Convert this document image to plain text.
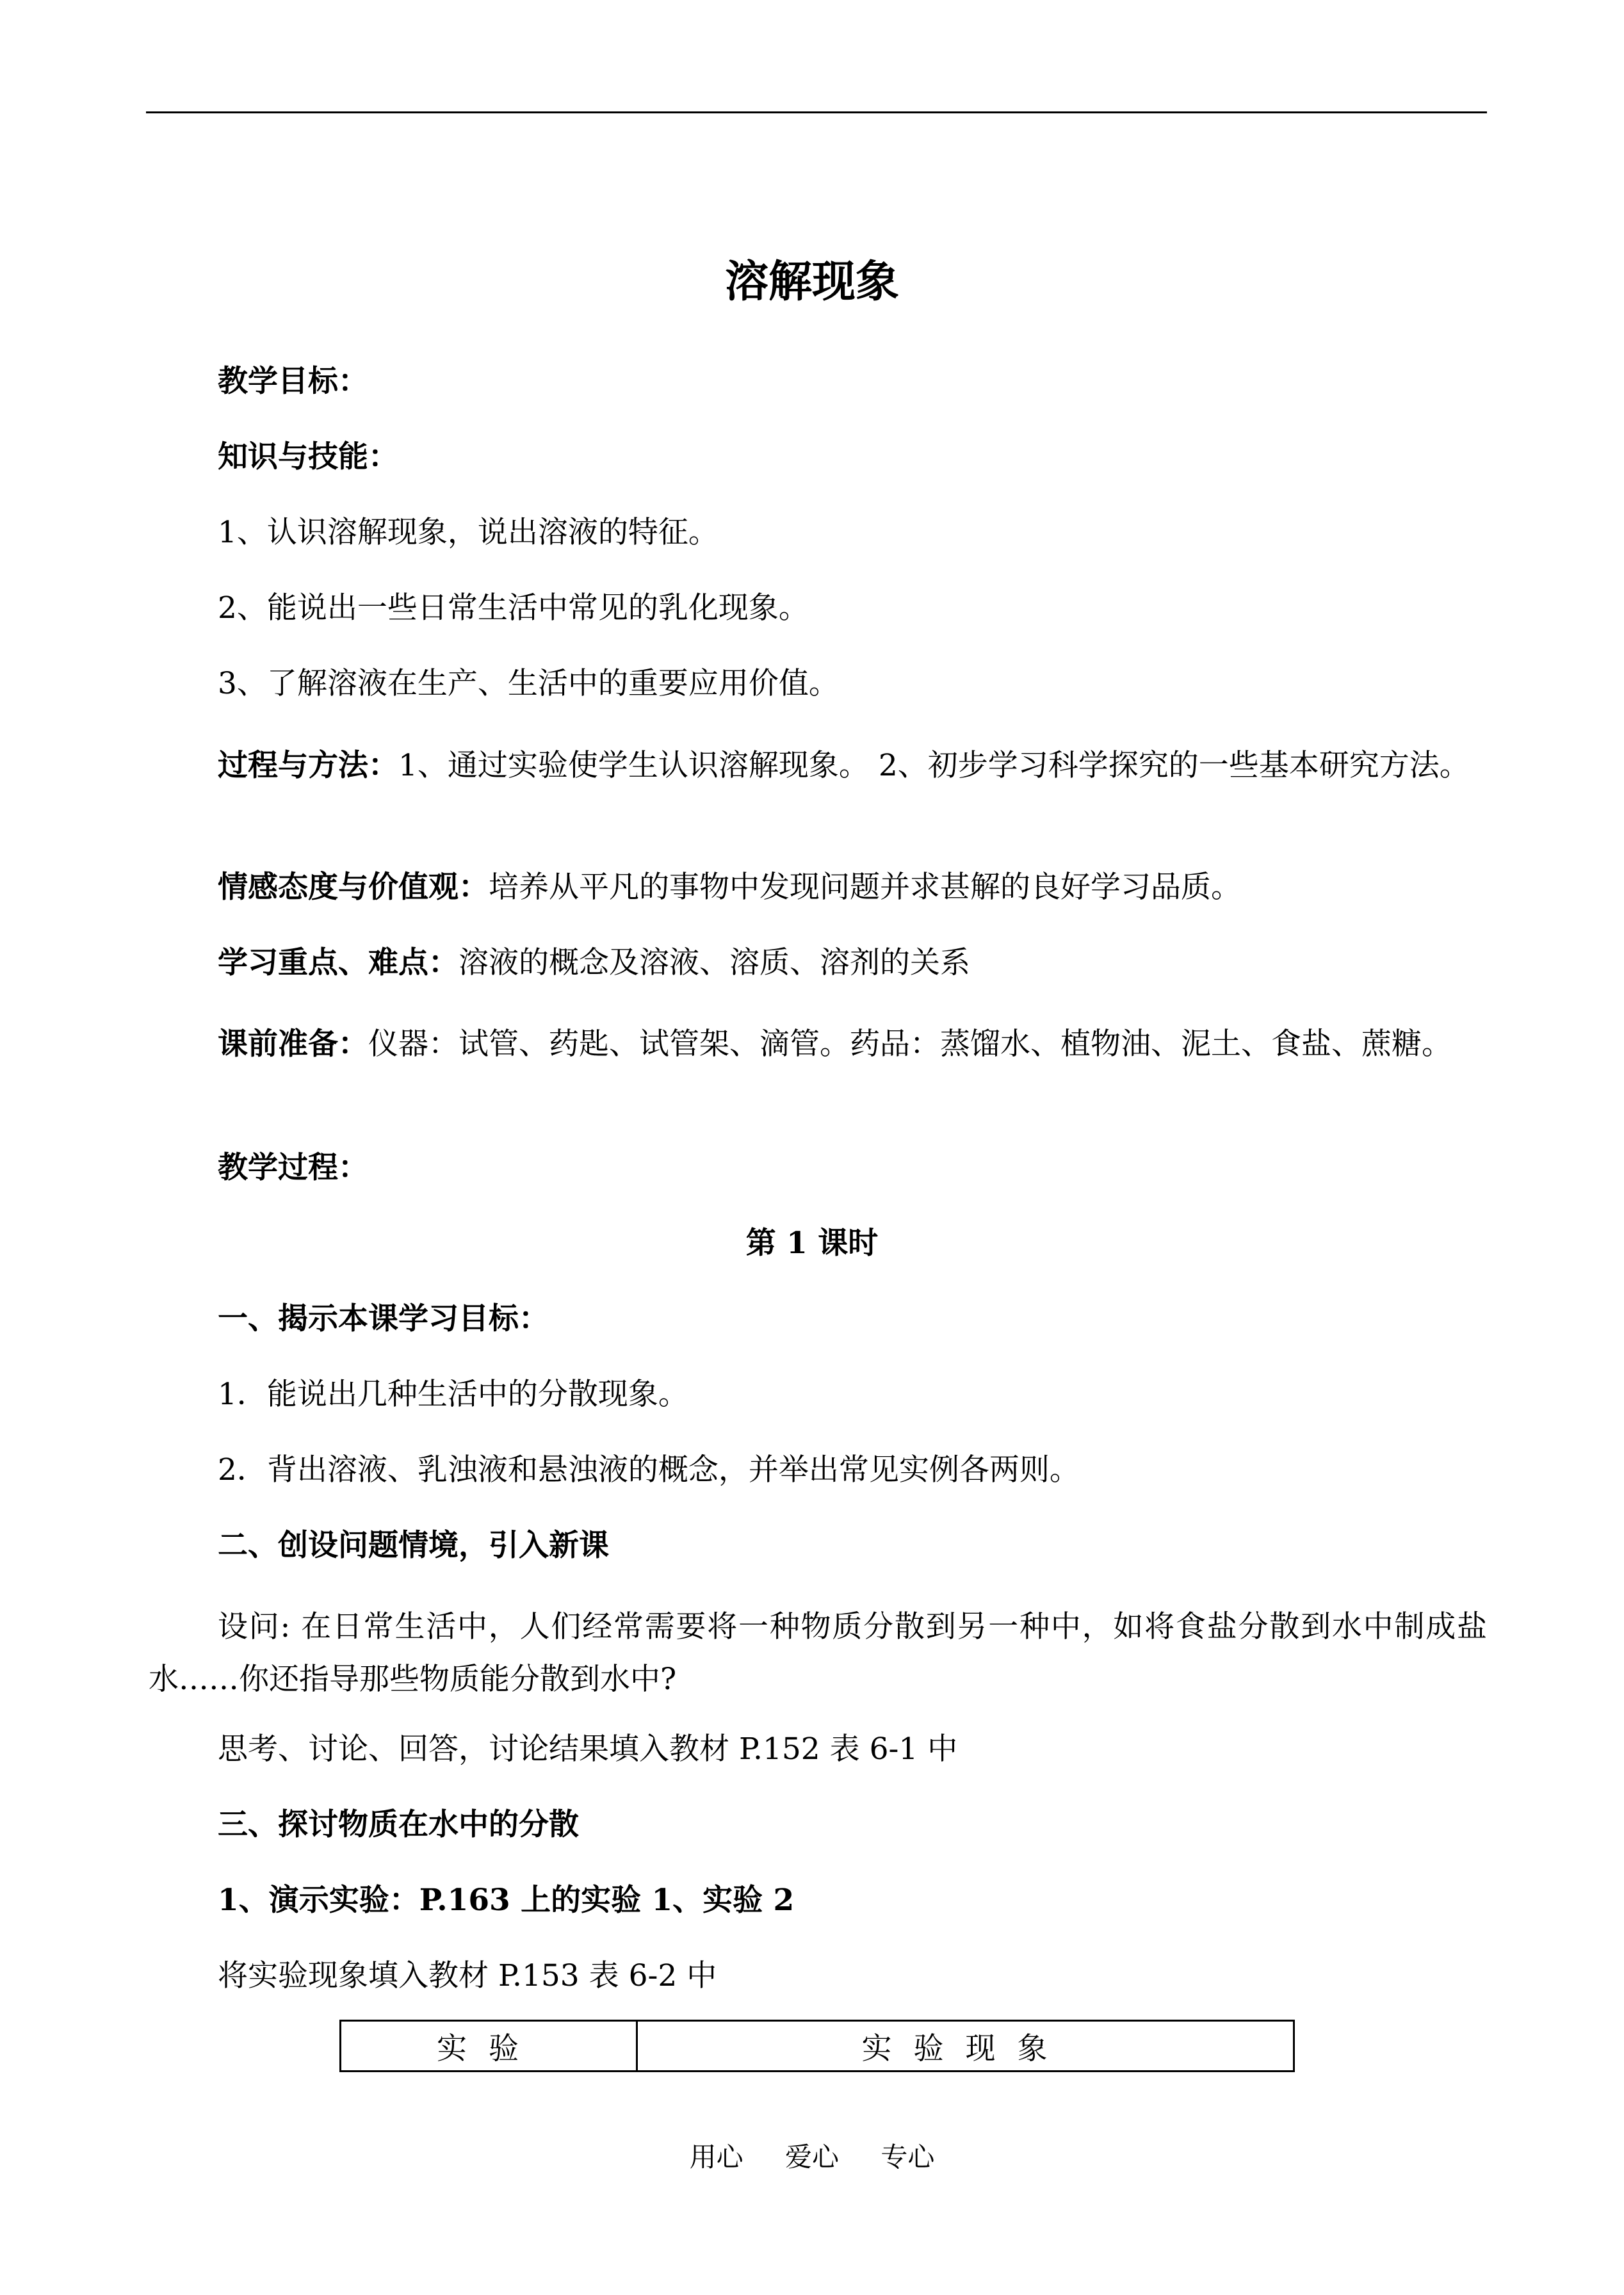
溶解现象
教学目标：
知识与技能：
1、认识溶解现象，说出溶液的特征。
2、能说出一些日常生活中常见的乳化现象。
3、了解溶液在生产、生活中的重要应用价值。
过程与方法：1、通过实验使学生认识溶解现象。 2、初步学习科学探究的一些基本研究方法。
情感态度与价值观：培养从平凡的事物中发现问题并求甚解的良好学习品质。
学习重点、难点：溶液的概念及溶液、溶质、溶剂的关系
课前准备：仪器：试管、药匙、试管架、滴管。药品：蒸馏水、植物油、泥土、食盐、蔗糖。
教学过程：
第 1 课时
一、揭示本课学习目标：
1．能说出几种生活中的分散现象。
2．背出溶液、乳浊液和悬浊液的概念，并举出常见实例各两则。
二、创设问题情境，引入新课
设问: 在日常生活中，人们经常需要将一种物质分散到另一种中，如将食盐分散到水中制成盐水……你还指导那些物质能分散到水中?
思考、讨论、回答，讨论结果填入教材 P.152 表 6-1 中
三、探讨物质在水中的分散
1、演示实验：P.163 上的实验 1、实验 2
将实验现象填入教材 P.153 表 6-2 中
实验	实验现象
用心 爱心 专心
